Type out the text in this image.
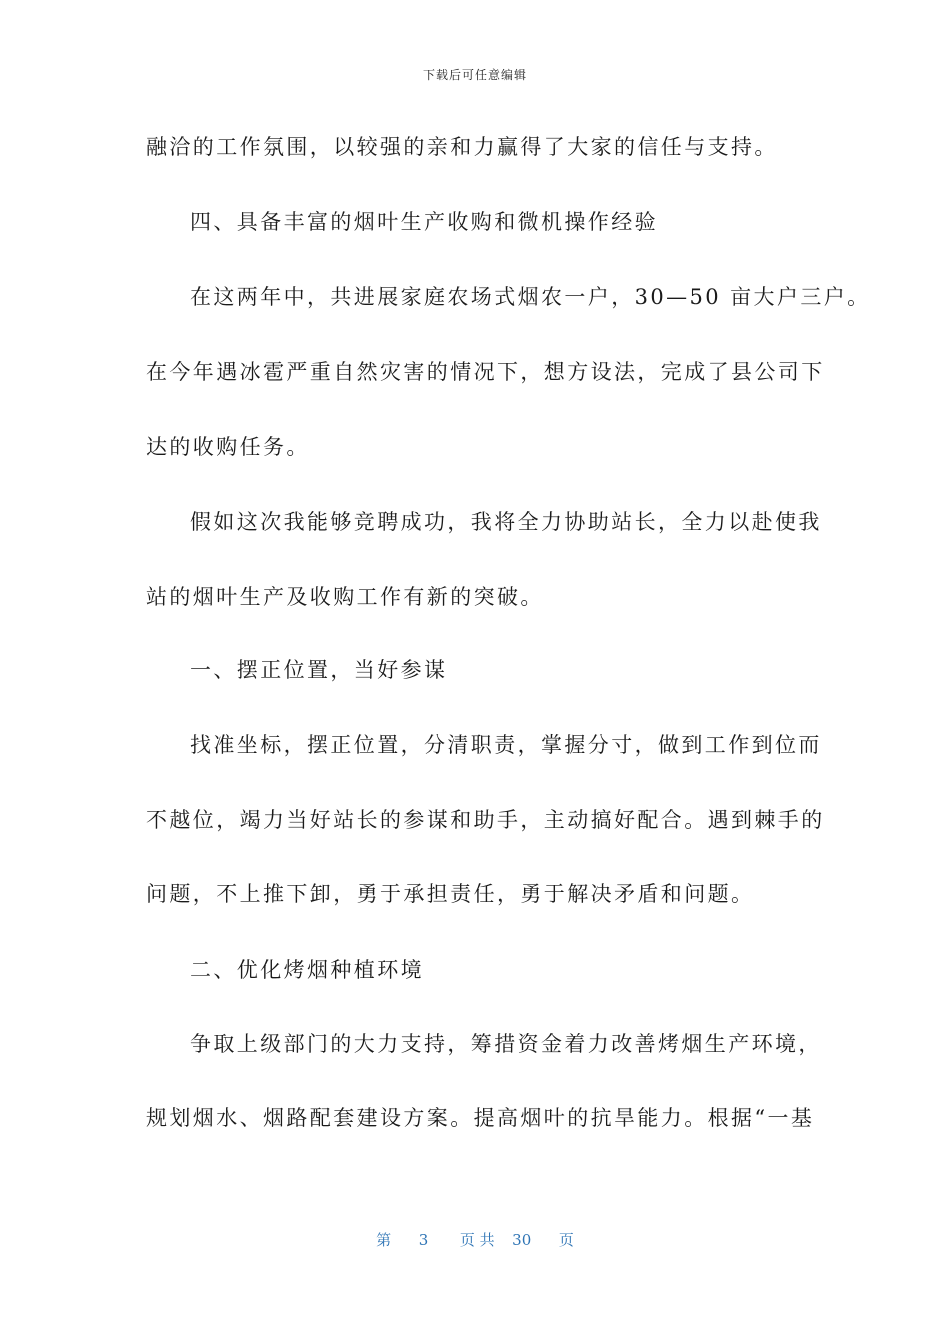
下载后可任意编辑
融洽的工作氛围，以较强的亲和力赢得了大家的信任与支持。
四、具备丰富的烟叶生产收购和微机操作经验
在这两年中，共进展家庭农场式烟农一户，30—50 亩大户三户。
在今年遇冰雹严重自然灾害的情况下，想方设法，完成了县公司下
达的收购任务。
假如这次我能够竞聘成功，我将全力协助站长，全力以赴使我
站的烟叶生产及收购工作有新的突破。
一、摆正位置，当好参谋
找准坐标，摆正位置，分清职责，掌握分寸，做到工作到位而
不越位，竭力当好站长的参谋和助手，主动搞好配合。遇到棘手的
问题，不上推下卸，勇于承担责任，勇于解决矛盾和问题。
二、优化烤烟种植环境
争取上级部门的大力支持，筹措资金着力改善烤烟生产环境，
规划烟水、烟路配套建设方案。提高烟叶的抗旱能力。根据“一基
第 3 页 共 30 页
